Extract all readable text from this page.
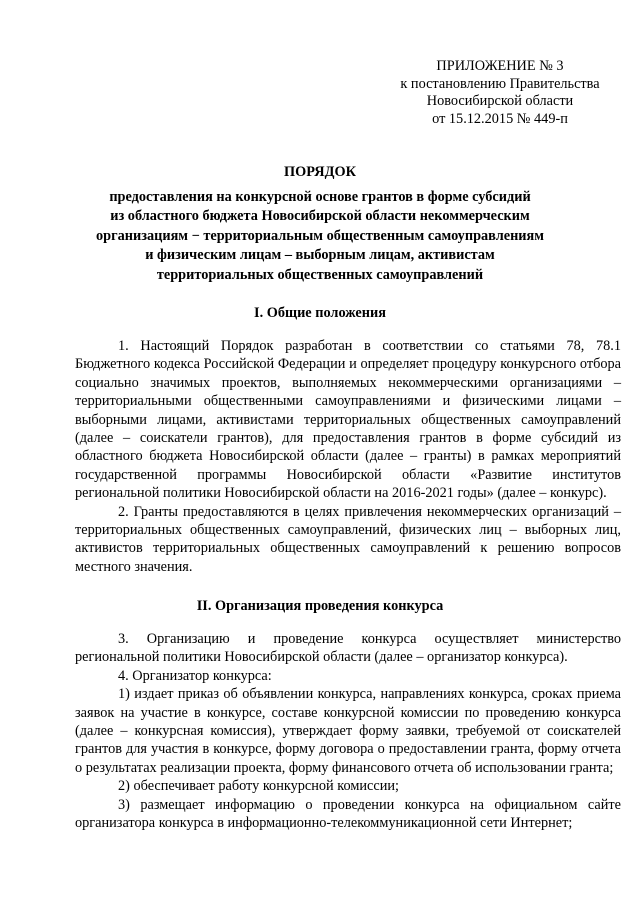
ПРИЛОЖЕНИЕ № 3
к постановлению Правительства
Новосибирской области
от 15.12.2015 № 449-п
ПОРЯДОК
предоставления на конкурсной основе грантов в форме субсидий
из областного бюджета Новосибирской области некоммерческим
организациям − территориальным общественным самоуправлениям
и физическим лицам – выборным лицам, активистам
территориальных общественных самоуправлений
I. Общие положения

1. Настоящий Порядок разработан в соответствии со статьями 78, 78.1 Бюджетного кодекса Российской Федерации и определяет процедуру конкурсного отбора социально значимых проектов, выполняемых некоммерческими организациями – территориальными общественными самоуправлениями и физическими лицами – выборными лицами, активистами территориальных общественных самоуправлений (далее – соискатели грантов), для предоставления грантов в форме субсидий из областного бюджета Новосибирской области (далее – гранты) в рамках мероприятий государственной программы Новосибирской области «Развитие институтов региональной политики Новосибирской области на 2016-2021 годы» (далее – конкурс).

2. Гранты предоставляются в целях привлечения некоммерческих организаций – территориальных общественных самоуправлений, физических лиц – выборных лиц, активистов территориальных общественных самоуправлений к решению вопросов местного значения.

II. Организация проведения конкурса

3. Организацию и проведение конкурса осуществляет министерство региональной политики Новосибирской области (далее – организатор конкурса).

4. Организатор конкурса:

1) издает приказ об объявлении конкурса, направлениях конкурса, сроках приема заявок на участие в конкурсе, составе конкурсной комиссии по проведению конкурса (далее – конкурсная комиссия), утверждает форму заявки, требуемой от соискателей грантов для участия в конкурсе, форму договора о предоставлении гранта, форму отчета о результатах реализации проекта, форму финансового отчета об использовании гранта;

2) обеспечивает работу конкурсной комиссии;

3) размещает информацию о проведении конкурса на официальном сайте организатора конкурса в информационно-телекоммуникационной сети Интернет;
